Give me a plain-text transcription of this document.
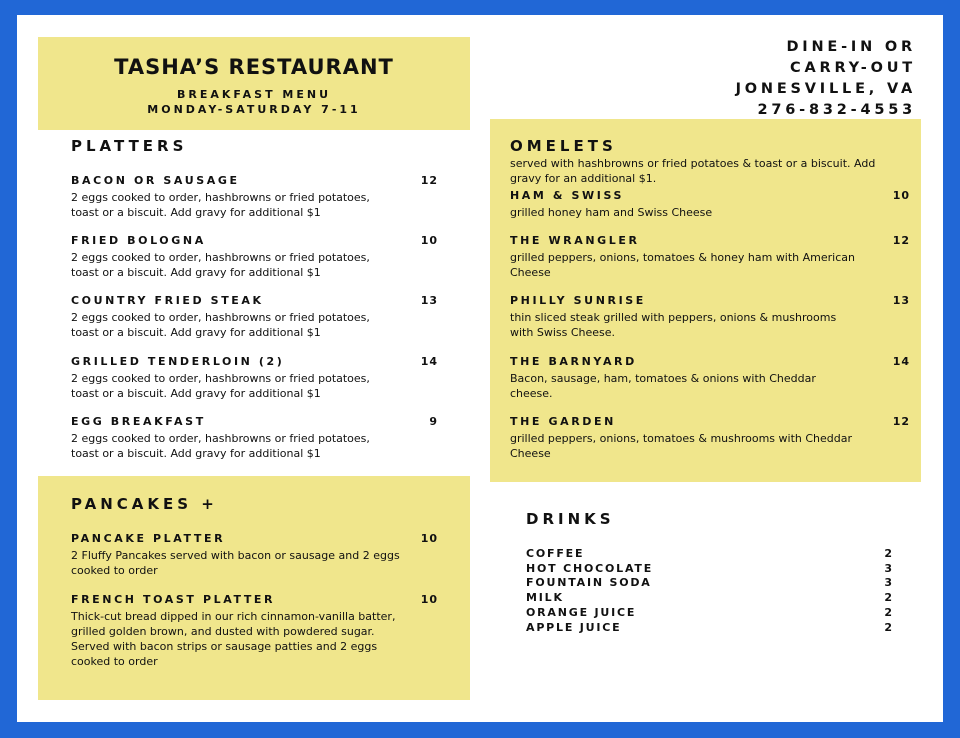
TASHA’S RESTAURANT
BREAKFAST MENU
MONDAY-SATURDAY 7-11
DINE-IN OR
CARRY-OUT
JONESVILLE, VA
276-832-4553
PLATTERS
BACON OR SAUSAGE	12
2 eggs cooked to order, hashbrowns or fried potatoes,
toast or a biscuit. Add gravy for additional $1
FRIED BOLOGNA	10
2 eggs cooked to order, hashbrowns or fried potatoes,
toast or a biscuit. Add gravy for additional $1
COUNTRY FRIED STEAK	13
2 eggs cooked to order, hashbrowns or fried potatoes,
toast or a biscuit. Add gravy for additional $1
GRILLED TENDERLOIN (2)	14
2 eggs cooked to order, hashbrowns or fried potatoes,
toast or a biscuit. Add gravy for additional $1
EGG BREAKFAST	9
2 eggs cooked to order, hashbrowns or fried potatoes,
toast or a biscuit. Add gravy for additional $1
PANCAKES +
PANCAKE PLATTER	10
2 Fluffy Pancakes served with bacon or sausage and 2 eggs
cooked to order
FRENCH TOAST PLATTER	10
Thick-cut bread dipped in our rich cinnamon-vanilla batter,
grilled golden brown, and dusted with powdered sugar.
Served with bacon strips or sausage patties and 2 eggs
cooked to order
OMELETS
served with hashbrowns or fried potatoes & toast or a biscuit. Add
gravy for an additional $1.
HAM & SWISS	10
grilled honey ham and Swiss Cheese
THE WRANGLER	12
grilled peppers, onions, tomatoes & honey ham with American
Cheese
PHILLY SUNRISE	13
thin sliced steak grilled with peppers, onions & mushrooms
with Swiss Cheese.
THE BARNYARD	14
Bacon, sausage, ham, tomatoes & onions with Cheddar
cheese.
THE GARDEN	12
grilled peppers, onions, tomatoes & mushrooms with Cheddar
Cheese
DRINKS
COFFEE	2
HOT CHOCOLATE	3
FOUNTAIN SODA	3
MILK	2
ORANGE JUICE	2
APPLE JUICE	2
